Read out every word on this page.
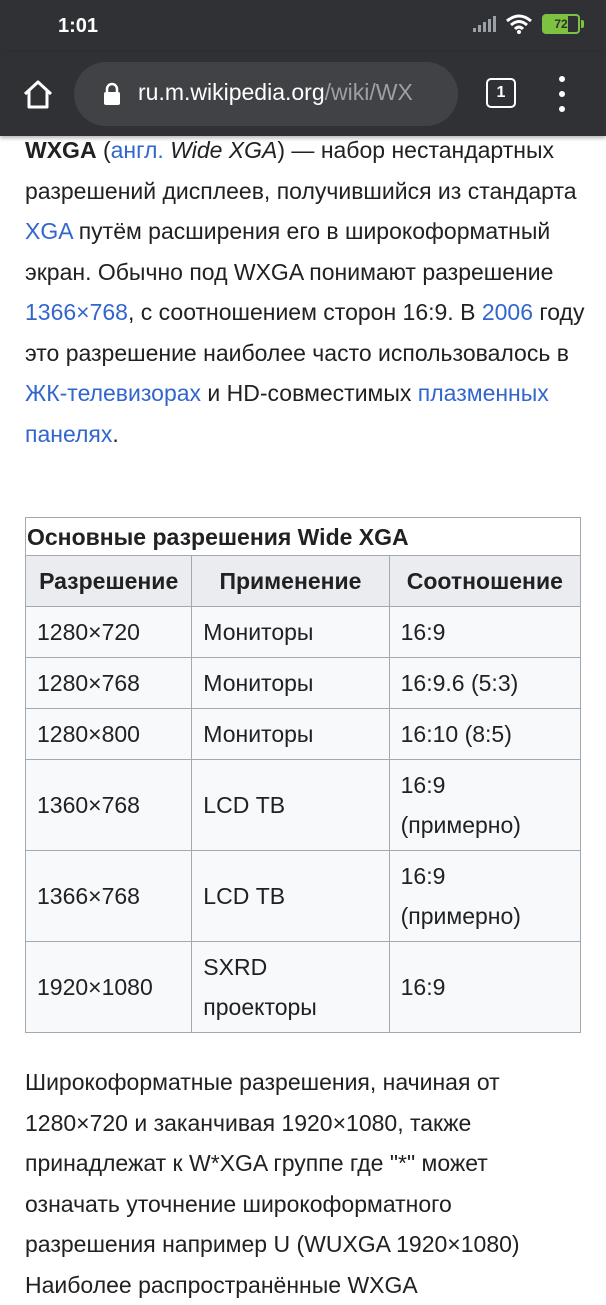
1:01	72
ru.m.wikipedia.org/wiki/WX	1

WXGA (англ. Wide XGA) — набор нестандартных разрешений дисплеев, получившийся из стандарта XGA путём расширения его в широкоформатный экран. Обычно под WXGA понимают разрешение 1366×768, с соотношением сторон 16:9. В 2006 году это разрешение наиболее часто использовалось в ЖК-телевизорах и HD-совместимых плазменных панелях.

Основные разрешения Wide XGA
Разрешение	Применение	Соотношение
1280×720	Мониторы	16:9
1280×768	Мониторы	16:9.6 (5:3)
1280×800	Мониторы	16:10 (8:5)
1360×768	LCD ТВ	16:9 (примерно)
1366×768	LCD ТВ	16:9 (примерно)
1920×1080	SXRD проекторы	16:9

Широкоформатные разрешения, начиная от 1280×720 и заканчивая 1920×1080, также принадлежат к W*XGA группе где "*" может означать уточнение широкоформатного разрешения например U (WUXGA 1920×1080) Наиболее распространённые WXGA
